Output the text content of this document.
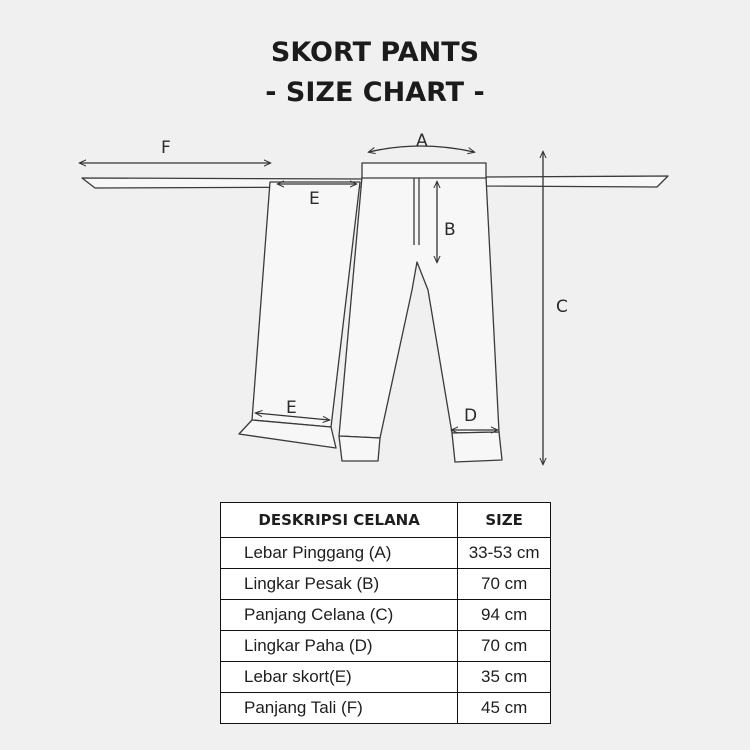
SKORT PANTS
- SIZE CHART -
F	A
B
C
E
E	D
DESKRIPSI CELANA	SIZE
Lebar Pinggang (A)	33-53 cm
Lingkar Pesak (B)	70 cm
Panjang Celana (C)	94 cm
Lingkar Paha (D)	70 cm
Lebar skort(E)	35 cm
Panjang Tali (F)	45 cm
